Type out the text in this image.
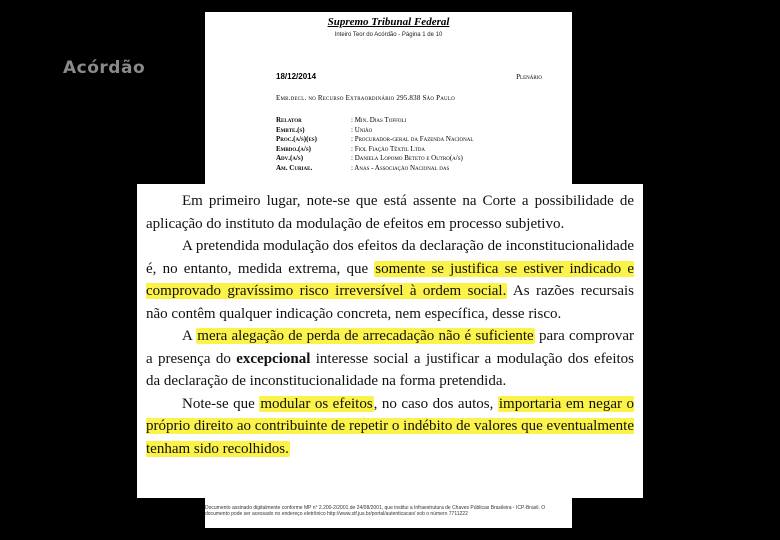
Acórdão
Supremo Tribunal Federal
Inteiro Teor do Acórdão - Página 1 de 10
18/12/2014	Plenário
Emb.decl. no Recurso Extraordinário 295.838 São Paulo
Relator	: Min. Dias Toffoli
Embte.(s)	: União
Proc.(a/s)(es)	: Procurador-geral da Fazenda Nacional
Embdo.(a/s)	: Fiol Fiação Têxtil Ltda
Adv.(a/s)	: Daniela Lopomo Beteto e Outro(a/s)
Am. Curiae.	: Anas - Associação Nacional das
Documento assinado digitalmente conforme MP n° 2.200-2/2001 de 24/08/2001, que institui a Infraestrutura de Chaves Públicas Brasileira - ICP-Brasil. O documento pode ser acessado no endereço eletrônico http://www.stf.jus.br/portal/autenticacao/ sob o número 7711222

Em primeiro lugar, note-se que está assente na Corte a possibilidade de aplicação do instituto da modulação de efeitos em processo subjetivo.

A pretendida modulação dos efeitos da declaração de inconstitucionalidade é, no entanto, medida extrema, que somente se justifica se estiver indicado e comprovado gravíssimo risco irreversível à ordem social. As razões recursais não contêm qualquer indicação concreta, nem específica, desse risco.

A mera alegação de perda de arrecadação não é suficiente para comprovar a presença do excepcional interesse social a justificar a modulação dos efeitos da declaração de inconstitucionalidade na forma pretendida.

Note-se que modular os efeitos, no caso dos autos, importaria em negar o próprio direito ao contribuinte de repetir o indébito de valores que eventualmente tenham sido recolhidos.
